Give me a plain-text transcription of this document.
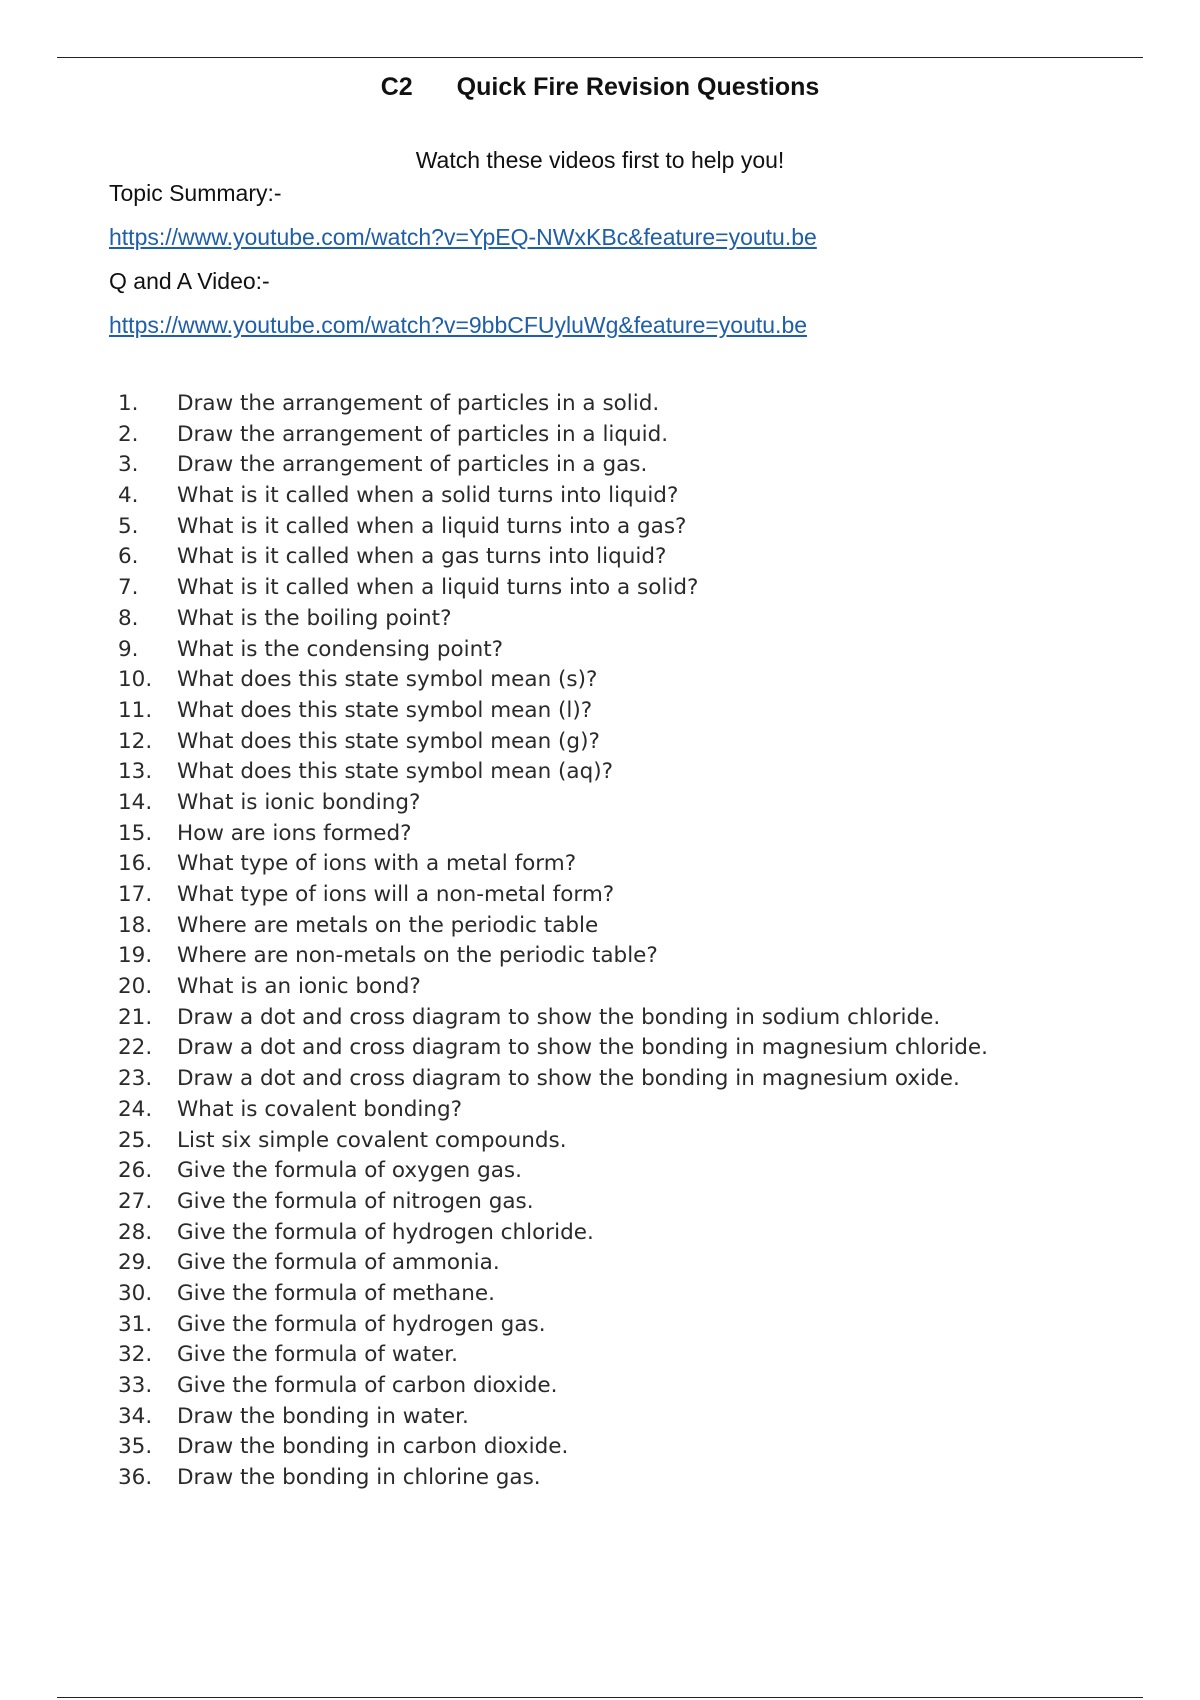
C2 Quick Fire Revision Questions
Watch these videos first to help you!
Topic Summary:-
https://www.youtube.com/watch?v=YpEQ-NWxKBc&feature=youtu.be
Q and A Video:-
https://www.youtube.com/watch?v=9bbCFUyluWg&feature=youtu.be
1.	Draw the arrangement of particles in a solid.
2.	Draw the arrangement of particles in a liquid.
3.	Draw the arrangement of particles in a gas.
4.	What is it called when a solid turns into liquid?
5.	What is it called when a liquid turns into a gas?
6.	What is it called when a gas turns into liquid?
7.	What is it called when a liquid turns into a solid?
8.	What is the boiling point?
9.	What is the condensing point?
10.	What does this state symbol mean (s)?
11.	What does this state symbol mean (l)?
12.	What does this state symbol mean (g)?
13.	What does this state symbol mean (aq)?
14.	What is ionic bonding?
15.	How are ions formed?
16.	What type of ions with a metal form?
17.	What type of ions will a non-metal form?
18.	Where are metals on the periodic table
19.	Where are non-metals on the periodic table?
20.	What is an ionic bond?
21.	Draw a dot and cross diagram to show the bonding in sodium chloride.
22.	Draw a dot and cross diagram to show the bonding in magnesium chloride.
23.	Draw a dot and cross diagram to show the bonding in magnesium oxide.
24.	What is covalent bonding?
25.	List six simple covalent compounds.
26.	Give the formula of oxygen gas.
27.	Give the formula of nitrogen gas.
28.	Give the formula of hydrogen chloride.
29.	Give the formula of ammonia.
30.	Give the formula of methane.
31.	Give the formula of hydrogen gas.
32.	Give the formula of water.
33.	Give the formula of carbon dioxide.
34.	Draw the bonding in water.
35.	Draw the bonding in carbon dioxide.
36.	Draw the bonding in chlorine gas.
